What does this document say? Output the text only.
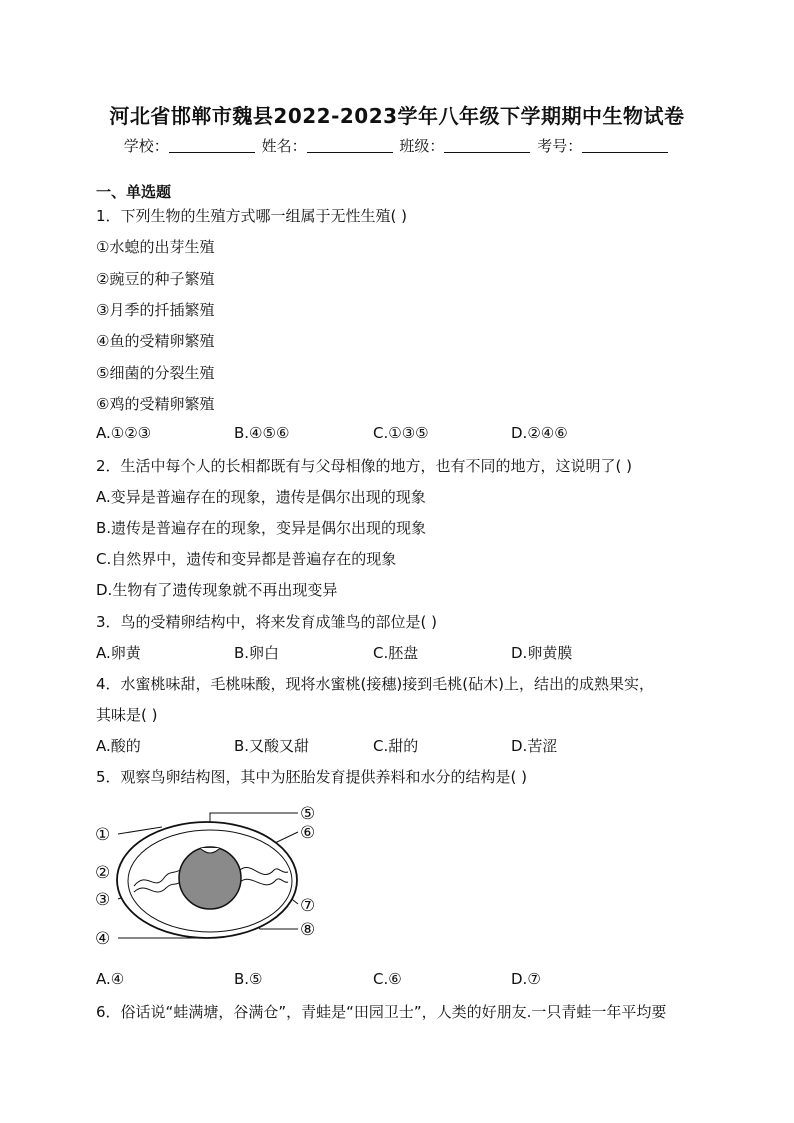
河北省邯郸市魏县2022-2023学年八年级下学期期中生物试卷
学校：	姓名：	班级：	考号：
一、单选题
1．下列生物的生殖方式哪一组属于无性生殖( )
①水螅的出芽生殖
②豌豆的种子繁殖
③月季的扦插繁殖
④鱼的受精卵繁殖
⑤细菌的分裂生殖
⑥鸡的受精卵繁殖
A.①②③	B.④⑤⑥	C.①③⑤	D.②④⑥
2．生活中每个人的长相都既有与父母相像的地方，也有不同的地方，这说明了( )
A.变异是普遍存在的现象，遗传是偶尔出现的现象
B.遗传是普遍存在的现象，变异是偶尔出现的现象
C.自然界中，遗传和变异都是普遍存在的现象
D.生物有了遗传现象就不再出现变异
3．鸟的受精卵结构中，将来发育成雏鸟的部位是( )
A.卵黄	B.卵白	C.胚盘	D.卵黄膜
4．水蜜桃味甜，毛桃味酸，现将水蜜桃(接穗)接到毛桃(砧木)上，结出的成熟果实，
其味是( )
A.酸的	B.又酸又甜	C.甜的	D.苦涩
5．观察鸟卵结构图，其中为胚胎发育提供养料和水分的结构是( )
①
②
③
④
⑤
⑥
⑦
⑧
A.④	B.⑤	C.⑥	D.⑦
6．俗话说“蛙满塘，谷满仓”，青蛙是“田园卫士”，人类的好朋友.一只青蛙一年平均要
